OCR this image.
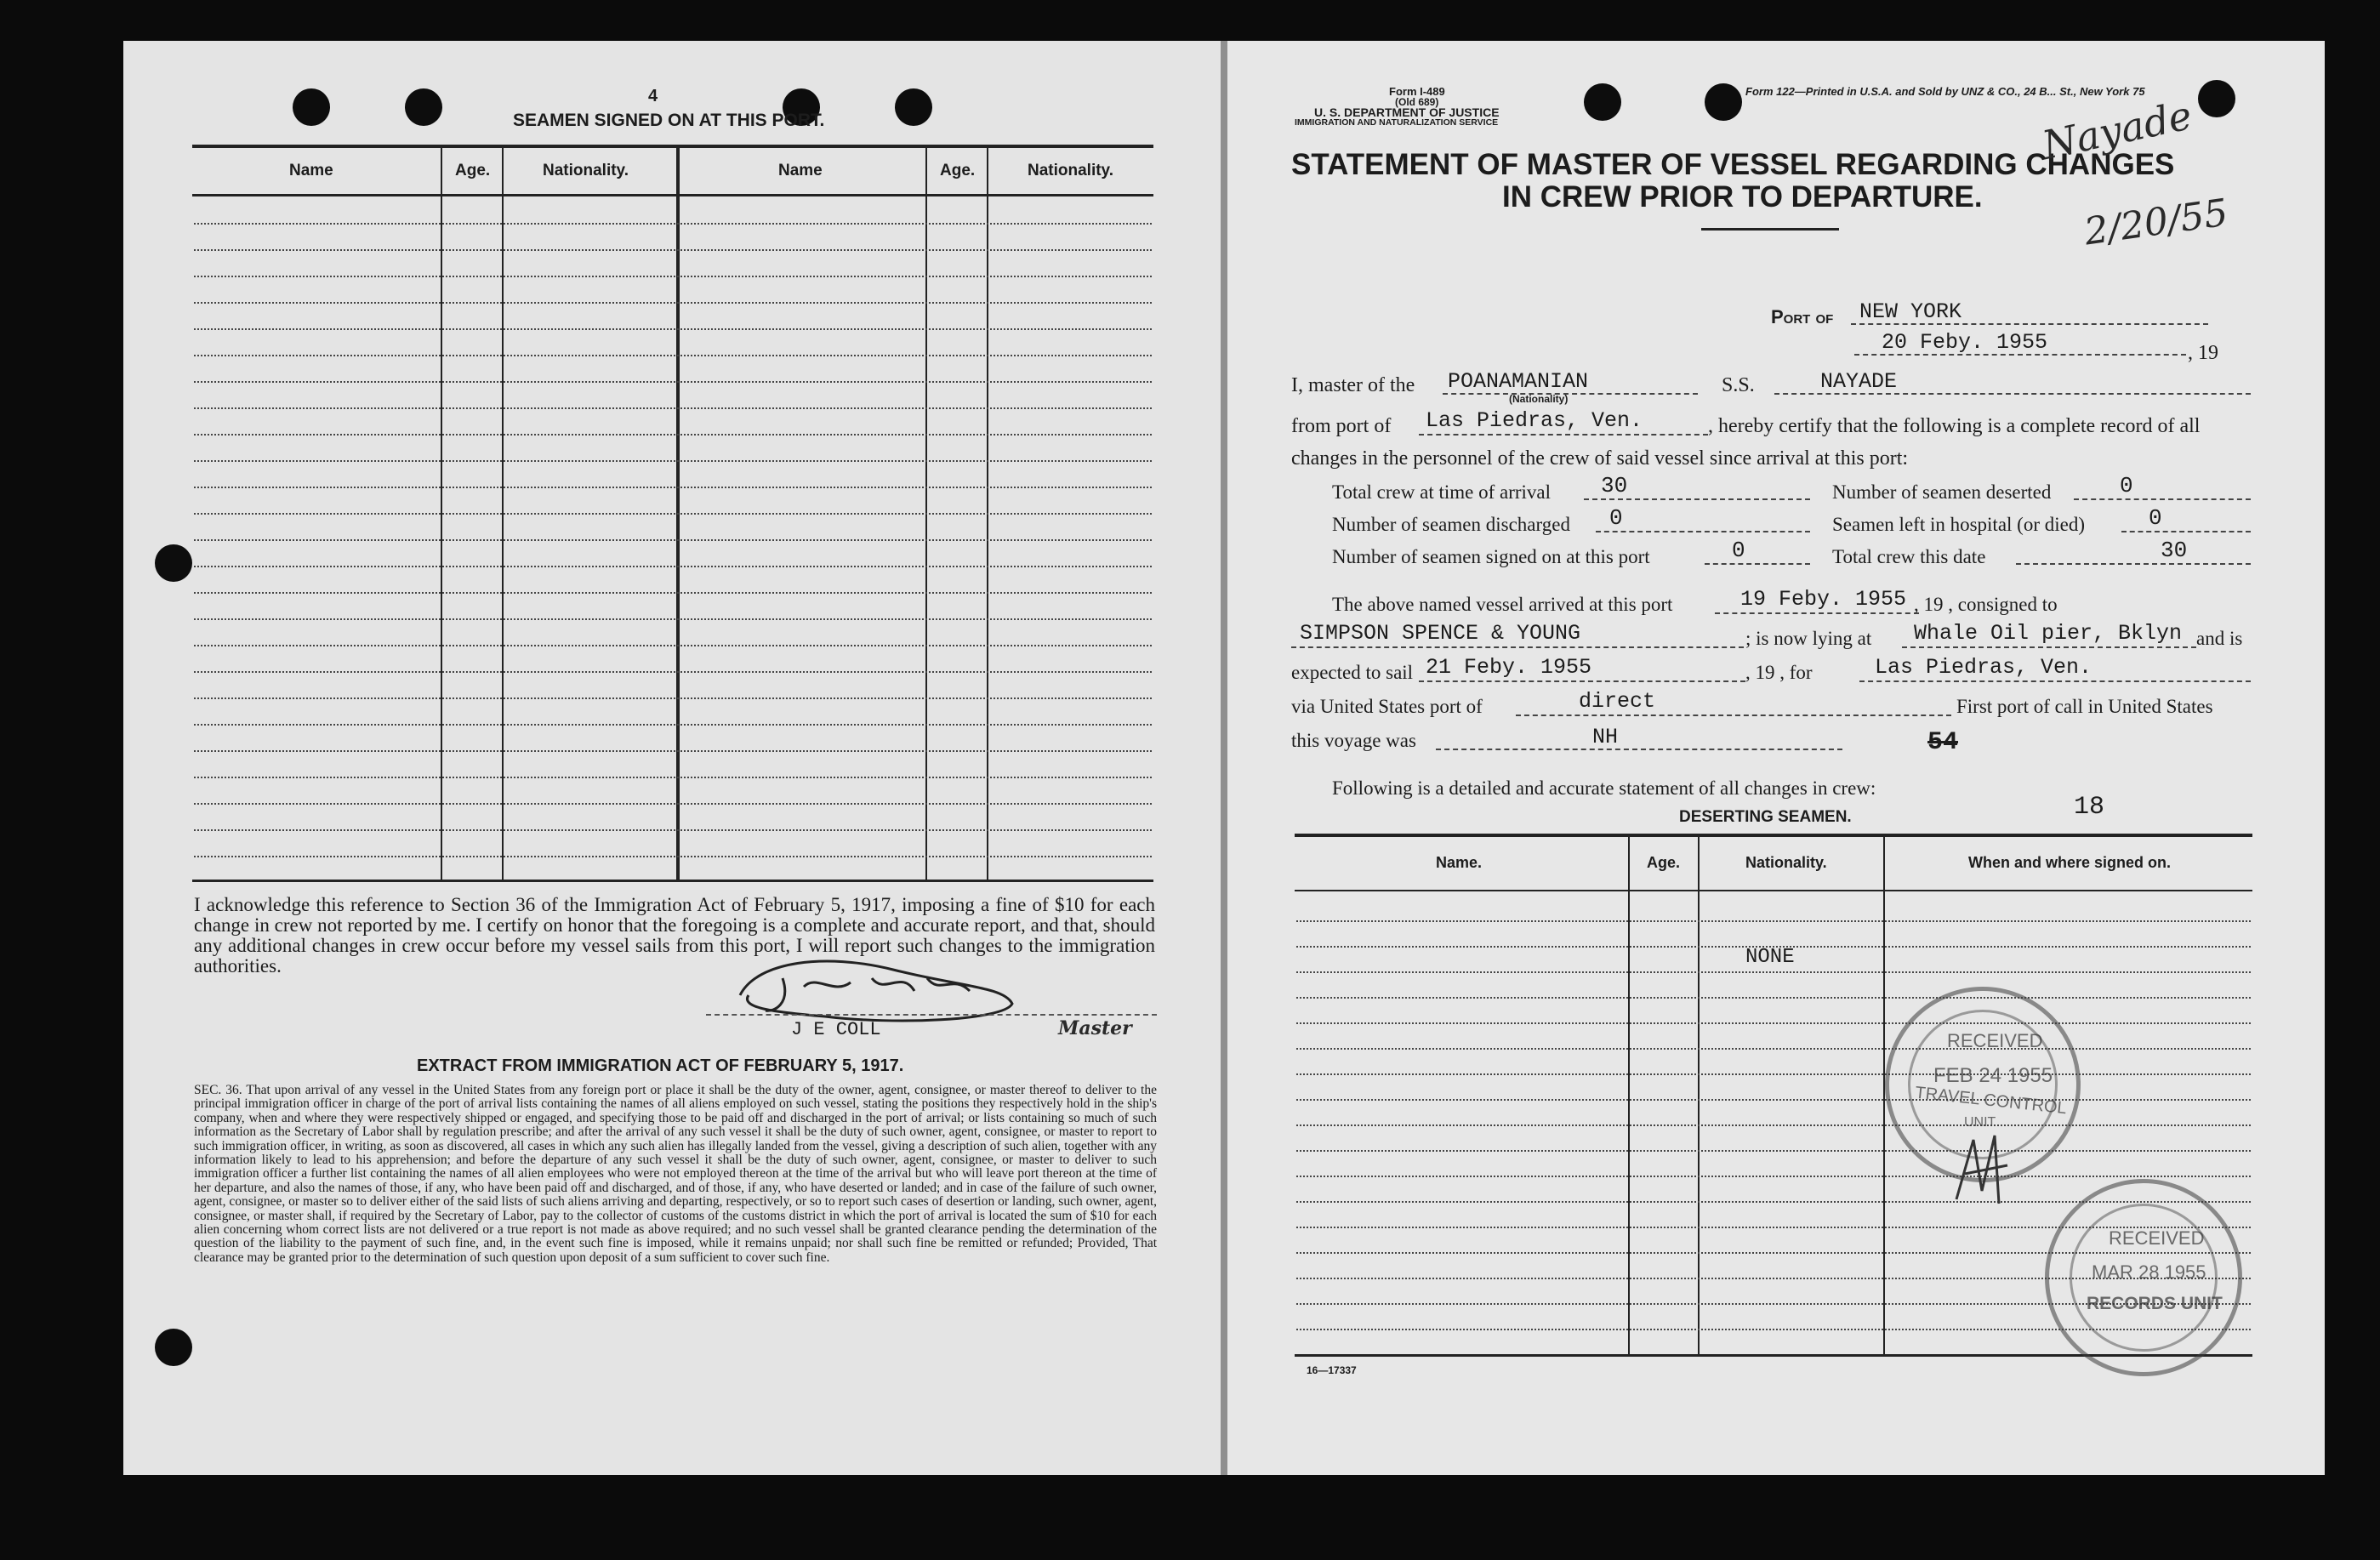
4
SEAMEN SIGNED ON AT THIS PORT.
Name	Age.	Nationality.	Name	Age.	Nationality.
I acknowledge this reference to Section 36 of the Immigration Act of February 5, 1917, imposing a fine of $10 for each change in crew not reported by me. I certify on honor that the foregoing is a complete and accurate report, and that, should any additional changes in crew occur before my vessel sails from this port, I will report such changes to the immigration authorities.
J E COLL	Master
EXTRACT FROM IMMIGRATION ACT OF FEBRUARY 5, 1917.
SEC. 36. That upon arrival of any vessel in the United States from any foreign port or place it shall be the duty of the owner, agent, consignee, or master thereof to deliver to the principal immigration officer in charge of the port of arrival lists containing the names of all aliens employed on such vessel, stating the positions they respectively hold in the ship's company, when and where they were respectively shipped or engaged, and specifying those to be paid off and discharged in the port of arrival; or lists containing so much of such information as the Secretary of Labor shall by regulation prescribe; and after the arrival of any such vessel it shall be the duty of such owner, agent, consignee, or master to report to such immigration officer, in writing, as soon as discovered, all cases in which any such alien has illegally landed from the vessel, giving a description of such alien, together with any information likely to lead to his apprehension; and before the departure of any such vessel it shall be the duty of such owner, agent, consignee, or master to deliver to such immigration officer a further list containing the names of all alien employees who were not employed thereon at the time of the arrival but who will leave port thereon at the time of her departure, and also the names of those, if any, who have been paid off and discharged, and of those, if any, who have deserted or landed; and in case of the failure of such owner, agent, consignee, or master so to deliver either of the said lists of such aliens arriving and departing, respectively, or so to report such cases of desertion or landing, such owner, agent, consignee, or master shall, if required by the Secretary of Labor, pay to the collector of customs of the customs district in which the port of arrival is located the sum of $10 for each alien concerning whom correct lists are not delivered or a true report is not made as above required; and no such vessel shall be granted clearance pending the determination of the question of the liability to the payment of such fine, and, in the event such fine is imposed, while it remains unpaid; nor shall such fine be remitted or refunded; Provided, That clearance may be granted prior to the determination of such question upon deposit of a sum sufficient to cover such fine.
Form I-489
(Old 689)
U. S. DEPARTMENT OF JUSTICE
IMMIGRATION AND NATURALIZATION SERVICE
Form 122—Printed in U.S.A. and Sold by UNZ & CO., 24 B... St., New York 75
STATEMENT OF MASTER OF VESSEL REGARDING CHANGES
IN CREW PRIOR TO DEPARTURE.
Nayade
2/20/55
Port of NEW YORK
20 Feby. 1955	, 19
I, master of the POANAMANIAN
(Nationality)
S.S.	NAYADE
from port of Las Piedras, Ven.	, hereby certify that the following is a complete record of all
changes in the personnel of the crew of said vessel since arrival at this port:
Total crew at time of arrival 30	Number of seamen deserted	0
Number of seamen discharged 0	Seamen left in hospital (or died)	0
Number of seamen signed on at this port	0	Total crew this date	30
The above named vessel arrived at this port	19 Feby. 1955 , 19 , consigned to
SIMPSON SPENCE & YOUNG	; is now lying at Whale Oil pier, Bklyn and is
expected to sail 21 Feby. 1955	, 19 , for	Las Piedras, Ven.
via United States port of	direct	First port of call in United States
this voyage was	NH	54
Following is a detailed and accurate statement of all changes in crew:
18
DESERTING SEAMEN.
Name.	Age.	Nationality.	When and where signed on.
NONE
16—17337
RECEIVED
FEB 24 1955
TRAVEL CONTROL
UNIT
RECEIVED
MAR 28 1955
RECORDS UNIT
